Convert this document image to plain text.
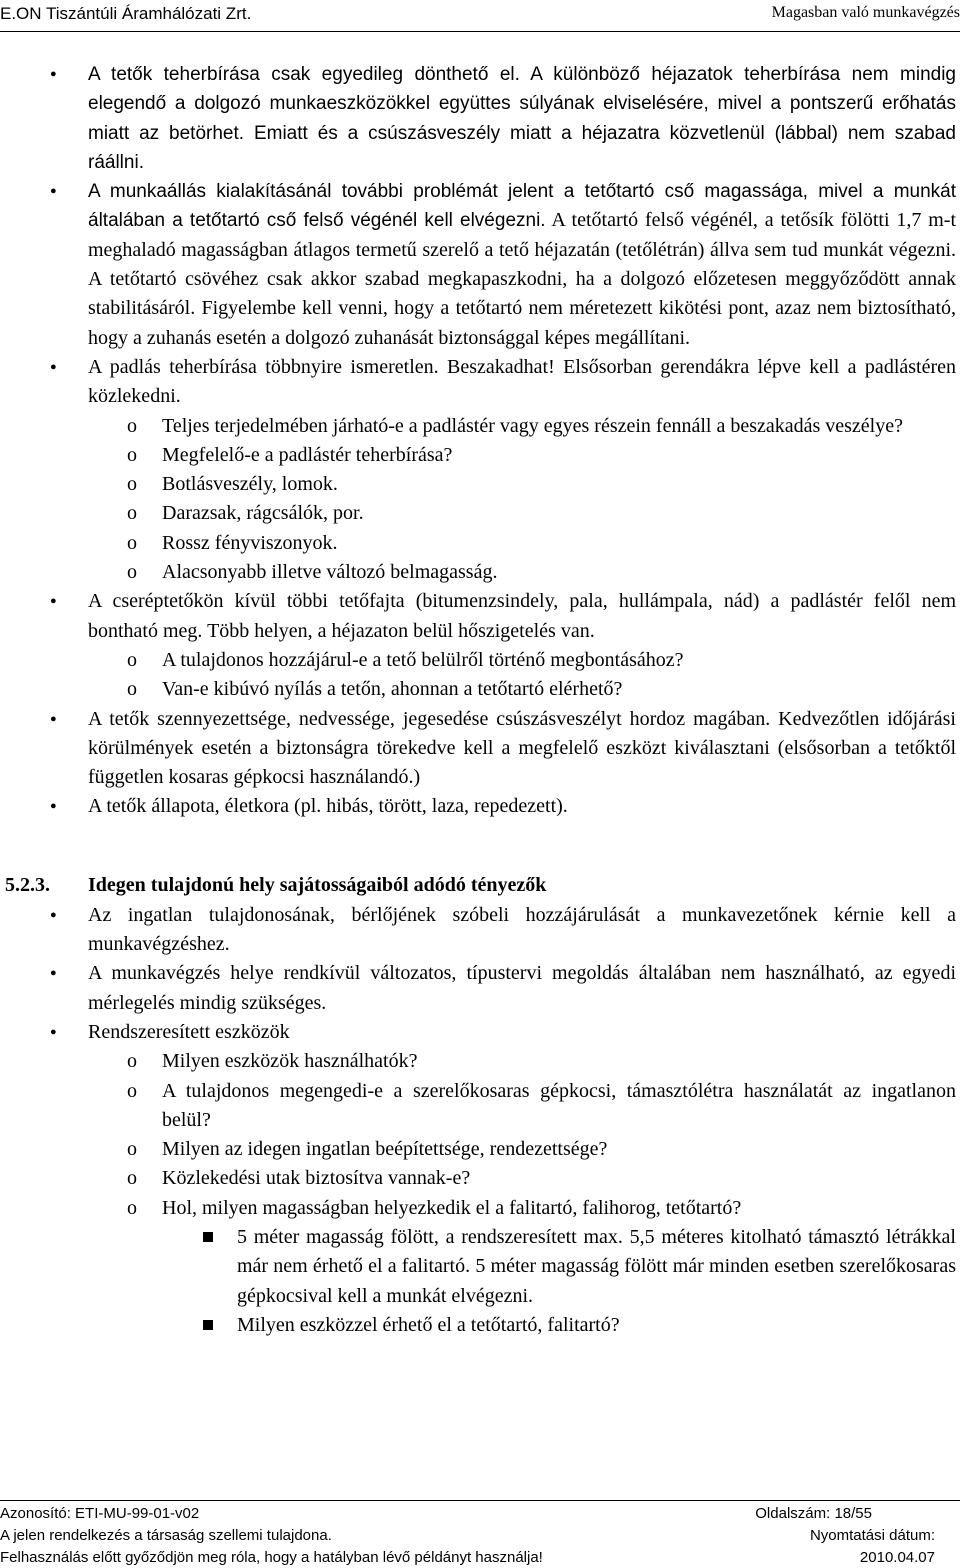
E.ON Tiszántúli Áramhálózati Zrt.	Magasban való munkavégzés
● A tetők teherbírása csak egyedileg dönthető el. A különböző héjazatok teherbírása nem mindig elegendő a dolgozó munkaeszközökkel együttes súlyának elviselésére, mivel a pontszerű erőhatás miatt az betörhet. Emiatt és a csúszásveszély miatt a héjazatra közvetlenül (lábbal) nem szabad ráállni.
● A munkaállás kialakításánál további problémát jelent a tetőtartó cső magassága, mivel a munkát általában a tetőtartó cső felső végénél kell elvégezni. A tetőtartó felső végénél, a tetősík fölötti 1,7 m-t meghaladó magasságban átlagos termetű szerelő a tető héjazatán (tetőlétrán) állva sem tud munkát végezni. A tetőtartó csövéhez csak akkor szabad megkapaszkodni, ha a dolgozó előzetesen meggyőződött annak stabilitásáról. Figyelembe kell venni, hogy a tetőtartó nem méretezett kikötési pont, azaz nem biztosítható, hogy a zuhanás esetén a dolgozó zuhanását biztonsággal képes megállítani.
● A padlás teherbírása többnyire ismeretlen. Beszakadhat! Elsősorban gerendákra lépve kell a padlástéren közlekedni.
o Teljes terjedelmében járható-e a padlástér vagy egyes részein fennáll a beszakadás veszélye?
o Megfelelő-e a padlástér teherbírása?
o Botlásveszély, lomok.
o Darazsak, rágcsálók, por.
o Rossz fényviszonyok.
o Alacsonyabb illetve változó belmagasság.
● A cseréptetőkön kívül többi tetőfajta (bitumenzsindely, pala, hullámpala, nád) a padlástér felől nem bontható meg. Több helyen, a héjazaton belül hőszigetelés van.
o A tulajdonos hozzájárul-e a tető belülről történő megbontásához?
o Van-e kibúvó nyílás a tetőn, ahonnan a tetőtartó elérhető?
● A tetők szennyezettsége, nedvessége, jegesedése csúszásveszélyt hordoz magában. Kedvezőtlen időjárási körülmények esetén a biztonságra törekedve kell a megfelelő eszközt kiválasztani (elsősorban a tetőktől független kosaras gépkocsi használandó.)
● A tetők állapota, életkora (pl. hibás, törött, laza, repedezett).
5.2.3. Idegen tulajdonú hely sajátosságaiból adódó tényezők
● Az ingatlan tulajdonosának, bérlőjének szóbeli hozzájárulását a munkavezetőnek kérnie kell a munkavégzéshez.
● A munkavégzés helye rendkívül változatos, típustervi megoldás általában nem használható, az egyedi mérlegelés mindig szükséges.
● Rendszeresített eszközök
o Milyen eszközök használhatók?
o A tulajdonos megengedi-e a szerelőkosaras gépkocsi, támasztólétra használatát az ingatlanon belül?
o Milyen az idegen ingatlan beépítettsége, rendezettsége?
o Közlekedési utak biztosítva vannak-e?
o Hol, milyen magasságban helyezkedik el a falitartó, falihorog, tetőtartó?
5 méter magasság fölött, a rendszeresített max. 5,5 méteres kitolható támasztó létrákkal már nem érhető el a falitartó. 5 méter magasság fölött már minden esetben szerelőkosaras gépkocsival kell a munkát elvégezni.
Milyen eszközzel érhető el a tetőtartó, falitartó?
Azonosító: ETI-MU-99-01-v02	Oldalszám: 18/55
A jelen rendelkezés a társaság szellemi tulajdona.	Nyomtatási dátum:
Felhasználás előtt győződjön meg róla, hogy a hatályban lévő példányt használja!	2010.04.07
